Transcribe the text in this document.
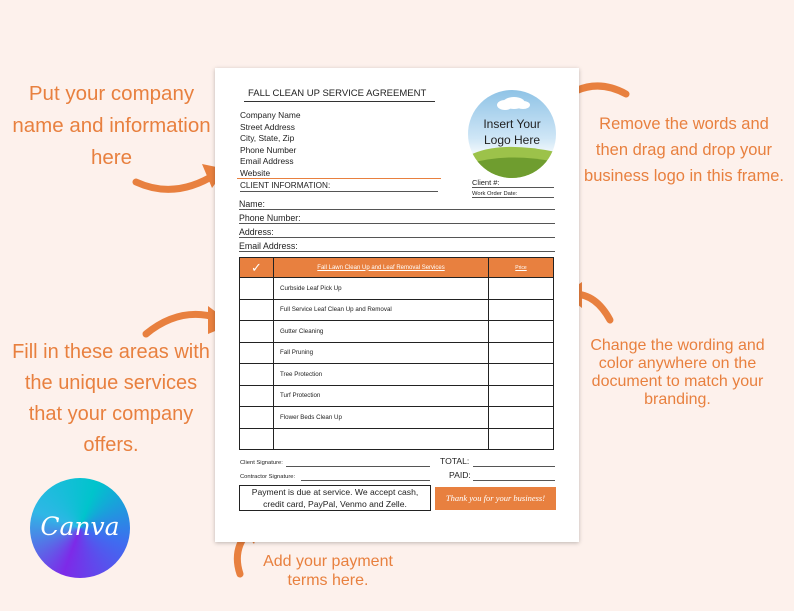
Put your company name and information here
Remove the words and then drag and drop your business logo in this frame.
Fill in these areas with the unique services that your company offers.
Change the wording and color anywhere on the document to match your branding.
Add your payment terms here.
FALL CLEAN UP SERVICE AGREEMENT
Company Name
Street Address
City, State, Zip
Phone Number
Email Address
Website
Insert Your
Logo Here
CLIENT INFORMATION:	Client #:
Work Order Date:
Name:
Phone Number:
Address:
Email Address:
✓	Fall Lawn Clean Up and Leaf Removal Services	Price
	Curbside Leaf Pick Up	
	Full Service Leaf Clean Up and Removal	
	Gutter Cleaning	
	Fall Pruning	
	Tree Protection	
	Turf Protection	
	Flower Beds Clean Up	

Client Signature:
Contractor Signature:
TOTAL:
PAID:
Payment is due at service. We accept cash,
credit card, PayPal, Venmo and Zelle.
Thank you for your business!
Canva
